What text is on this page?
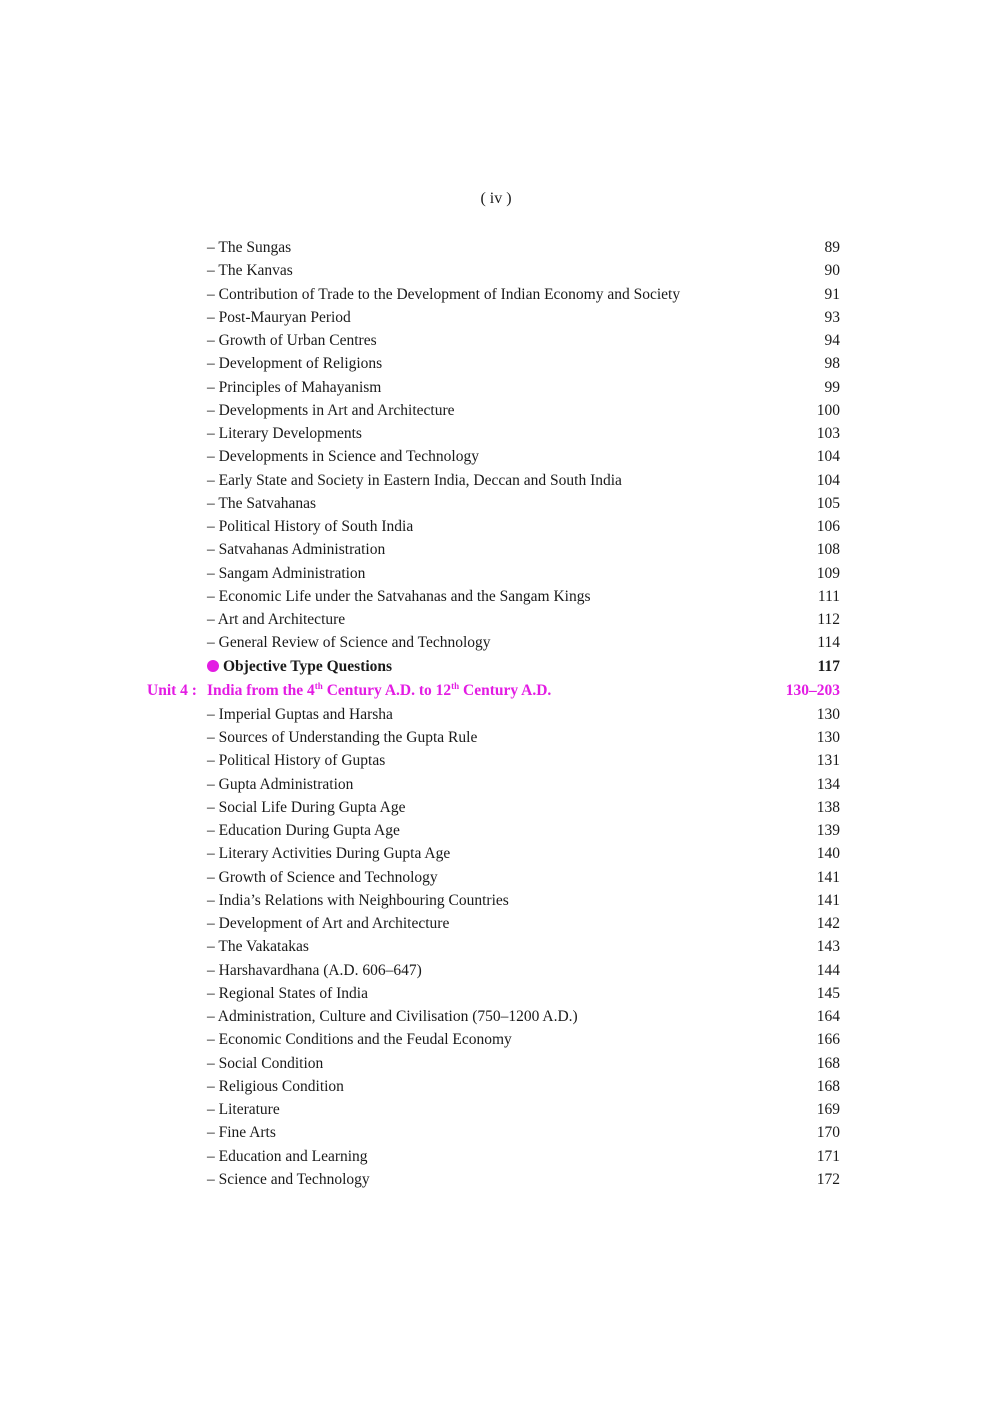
( iv )
– The Sungas	89
– The Kanvas	90
– Contribution of Trade to the Development of Indian Economy and Society	91
– Post-Mauryan Period	93
– Growth of Urban Centres	94
– Development of Religions	98
– Principles of Mahayanism	99
– Developments in Art and Architecture	100
– Literary Developments	103
– Developments in Science and Technology	104
– Early State and Society in Eastern India, Deccan and South India	104
– The Satvahanas	105
– Political History of South India	106
– Satvahanas Administration	108
– Sangam Administration	109
– Economic Life under the Satvahanas and the Sangam Kings	111
– Art and Architecture	112
– General Review of Science and Technology	114
Objective Type Questions	117
Unit 4 : India from the 4th Century A.D. to 12th Century A.D.	130–203
– Imperial Guptas and Harsha	130
– Sources of Understanding the Gupta Rule	130
– Political History of Guptas	131
– Gupta Administration	134
– Social Life During Gupta Age	138
– Education During Gupta Age	139
– Literary Activities During Gupta Age	140
– Growth of Science and Technology	141
– India’s Relations with Neighbouring Countries	141
– Development of Art and Architecture	142
– The Vakatakas	143
– Harshavardhana (A.D. 606–647)	144
– Regional States of India	145
– Administration, Culture and Civilisation (750–1200 A.D.)	164
– Economic Conditions and the Feudal Economy	166
– Social Condition	168
– Religious Condition	168
– Literature	169
– Fine Arts	170
– Education and Learning	171
– Science and Technology	172
